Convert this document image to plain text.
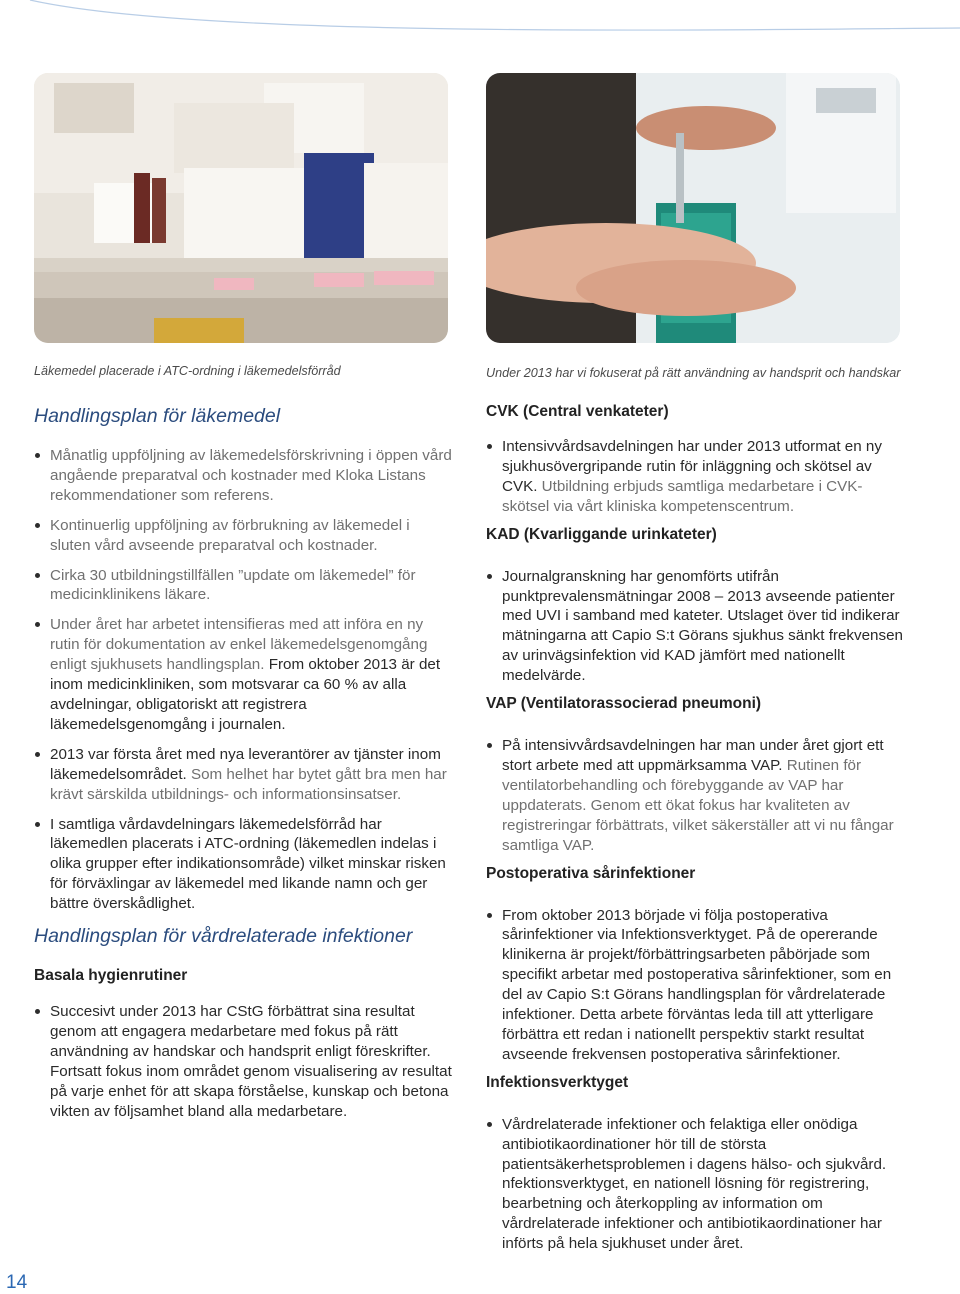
Läkemedel placerade i ATC-ordning i läkemedelsförråd	Under 2013 har vi fokuserat på rätt användning av handsprit och handskar
Handlingsplan för läkemedel
Månatlig uppföljning av läkemedelsförskrivning i öppen vård angående preparatval och kostnader med Kloka Listans rekommendationer som referens.
Kontinuerlig uppföljning av förbrukning av läkemedel i sluten vård avseende preparatval och kostnader.
Cirka 30 utbildningstillfällen ”update om läkemedel” för medicinklinikens läkare.
Under året har arbetet intensifieras med att införa en ny rutin för dokumentation av enkel läkemedelsgenomgång enligt sjukhusets handlingsplan. From oktober 2013 är det inom medicinkliniken, som motsvarar ca 60 % av alla avdelningar, obligatoriskt att registrera läkemedelsgenomgång i journalen.
2013 var första året med nya leverantörer av tjänster inom läkemedelsområdet. Som helhet har bytet gått bra men har krävt särskilda utbildnings- och informationsinsatser.
I samtliga vårdavdelningars läkemedelsförråd har läkemedlen placerats i ATC-ordning (läkemedlen indelas i olika grupper efter indikationsområde) vilket minskar risken för förväxlingar av läkemedel med likande namn och ger bättre överskådlighet.
Handlingsplan för vårdrelaterade infektioner
Basala hygienrutiner
Succesivt under 2013 har CStG förbättrat sina resultat genom att engagera medarbetare med fokus på rätt användning av handskar och handsprit enligt föreskrifter. Fortsatt fokus inom området genom visualisering av resultat på varje enhet för att skapa förståelse, kunskap och betona vikten av följsamhet bland alla medarbetare.
CVK (Central venkateter)
Intensivvårdsavdelningen har under 2013 utformat en ny sjukhusövergripande rutin för inläggning och skötsel av CVK. Utbildning erbjuds samtliga medarbetare i CVK- skötsel via vårt kliniska kompetenscentrum.
KAD (Kvarliggande urinkateter)
Journalgranskning har genomförts utifrån punktprevalensmätningar 2008 – 2013 avseende patienter med UVI i samband med kateter. Utslaget över tid indikerar mätningarna att Capio S:t Görans sjukhus sänkt frekvensen av urinvägsinfektion vid KAD jämfört med nationellt medelvärde.
VAP (Ventilatorassocierad pneumoni)
På intensivvårdsavdelningen har man under året gjort ett stort arbete med att uppmärksamma VAP. Rutinen för ventilatorbehandling och förebyggande av VAP har uppdaterats. Genom ett ökat fokus har kvaliteten av registreringar förbättrats, vilket säkerställer att vi nu fångar samtliga VAP.
Postoperativa sårinfektioner
From oktober 2013 började vi följa postoperativa sårinfektioner via Infektionsverktyget. På de opererande klinikerna är projekt/förbättringsarbeten påbörjade som specifikt arbetar med postoperativa sårinfektioner, som en del av Capio S:t Görans handlingsplan för vårdrelaterade infektioner. Detta arbete förväntas leda till att ytterligare förbättra ett redan i nationellt perspektiv starkt resultat avseende frekvensen postoperativa sårinfektioner.
Infektionsverktyget
Vårdrelaterade infektioner och felaktiga eller onödiga antibiotikaordinationer hör till de största patientsäkerhetsproblemen i dagens hälso- och sjukvård. nfektionsverktyget, en nationell lösning för registrering, bearbetning och återkoppling av information om vårdrelaterade infektioner och antibiotikaordinationer har införts på hela sjukhuset under året.
14
